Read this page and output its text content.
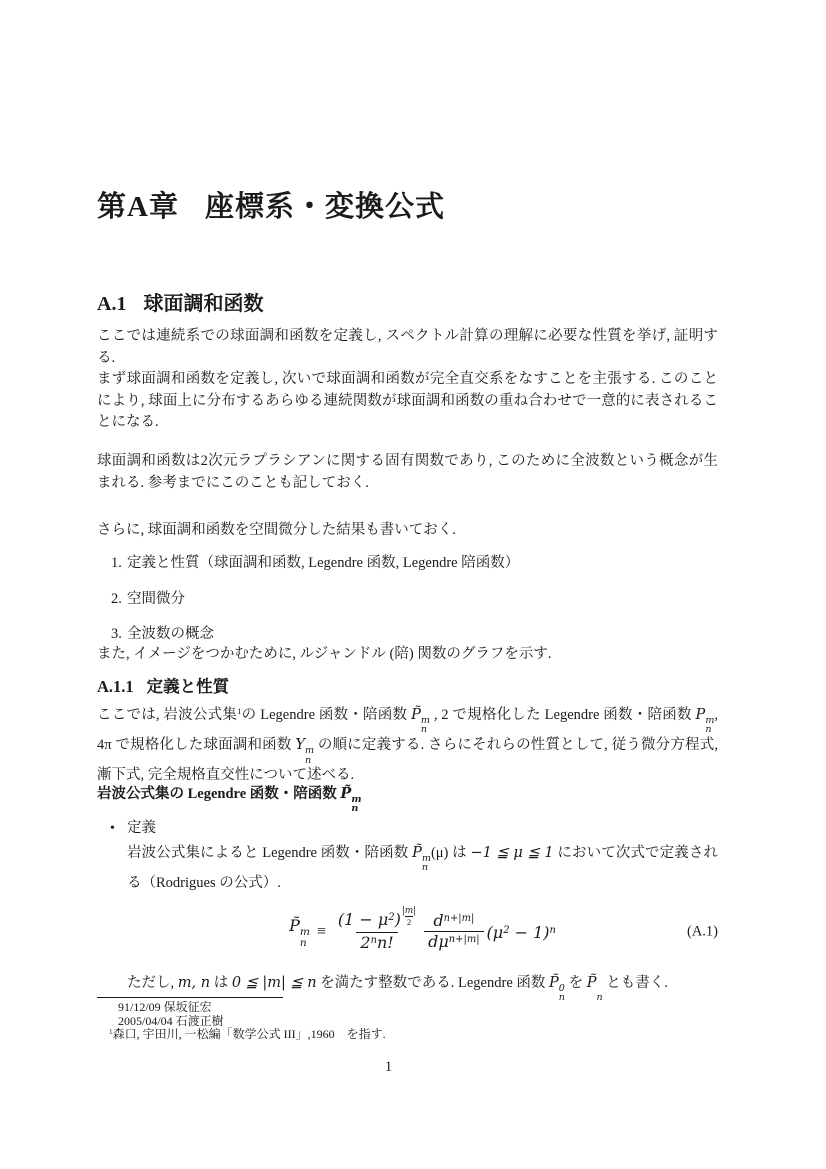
第A章 座標系・変換公式
A.1 球面調和函数
ここでは連続系での球面調和函数を定義し, スペクトル計算の理解に必要な性質を挙げ, 証明する.
まず球面調和函数を定義し, 次いで球面調和函数が完全直交系をなすことを主張する. このことにより, 球面上に分布するあらゆる連続関数が球面調和函数の重ね合わせで一意的に表されることになる.
球面調和函数は2次元ラプラシアンに関する固有関数であり, このために全波数という概念が生まれる. 参考までにこのことも記しておく.
さらに, 球面調和函数を空間微分した結果も書いておく.
1. 定義と性質（球面調和函数, Legendre 函数, Legendre 陪函数）
2. 空間微分
3. 全波数の概念
また, イメージをつかむために, ルジャンドル (陪) 関数のグラフを示す.
A.1.1 定義と性質
ここでは, 岩波公式集$^1$の Legendre 函数・陪函数 P̃ m
n
, 2 で規格化した Legendre 函数・陪函数 P m
n
, 4π で規格化した球面調和函数 Y m
n
の順に定義する. さらにそれらの性質として, 従う微分方程式, 漸下式, 完全規格直交性について述べる.
岩波公式集の Legendre 函数・陪函数 P̃ m
n
• 定義
岩波公式集によると Legendre 函数・陪函数 P̃ m
n
(μ) は −1 ≦ μ ≦ 1 において次式で定義される（Rodrigues の公式）.
P̃ m
n
≡ $(1 - \mu^2)$ |m|
2
2$^n$n! $\frac{d^{n+|m|}}{d\mu^{n+|m|}} (\mu^2 - 1)^n$	(A.1)
ただし, m, n は 0 ≦ |m| ≦ n を満たす整数である. Legendre 函数 P̃ 0
n
を P̃

n
とも書く.
91/12/09 保坂征宏
2005/04/04 石渡正樹
$^1$森口, 宇田川, 一松編「数学公式 III」,1960　を指す.
1
